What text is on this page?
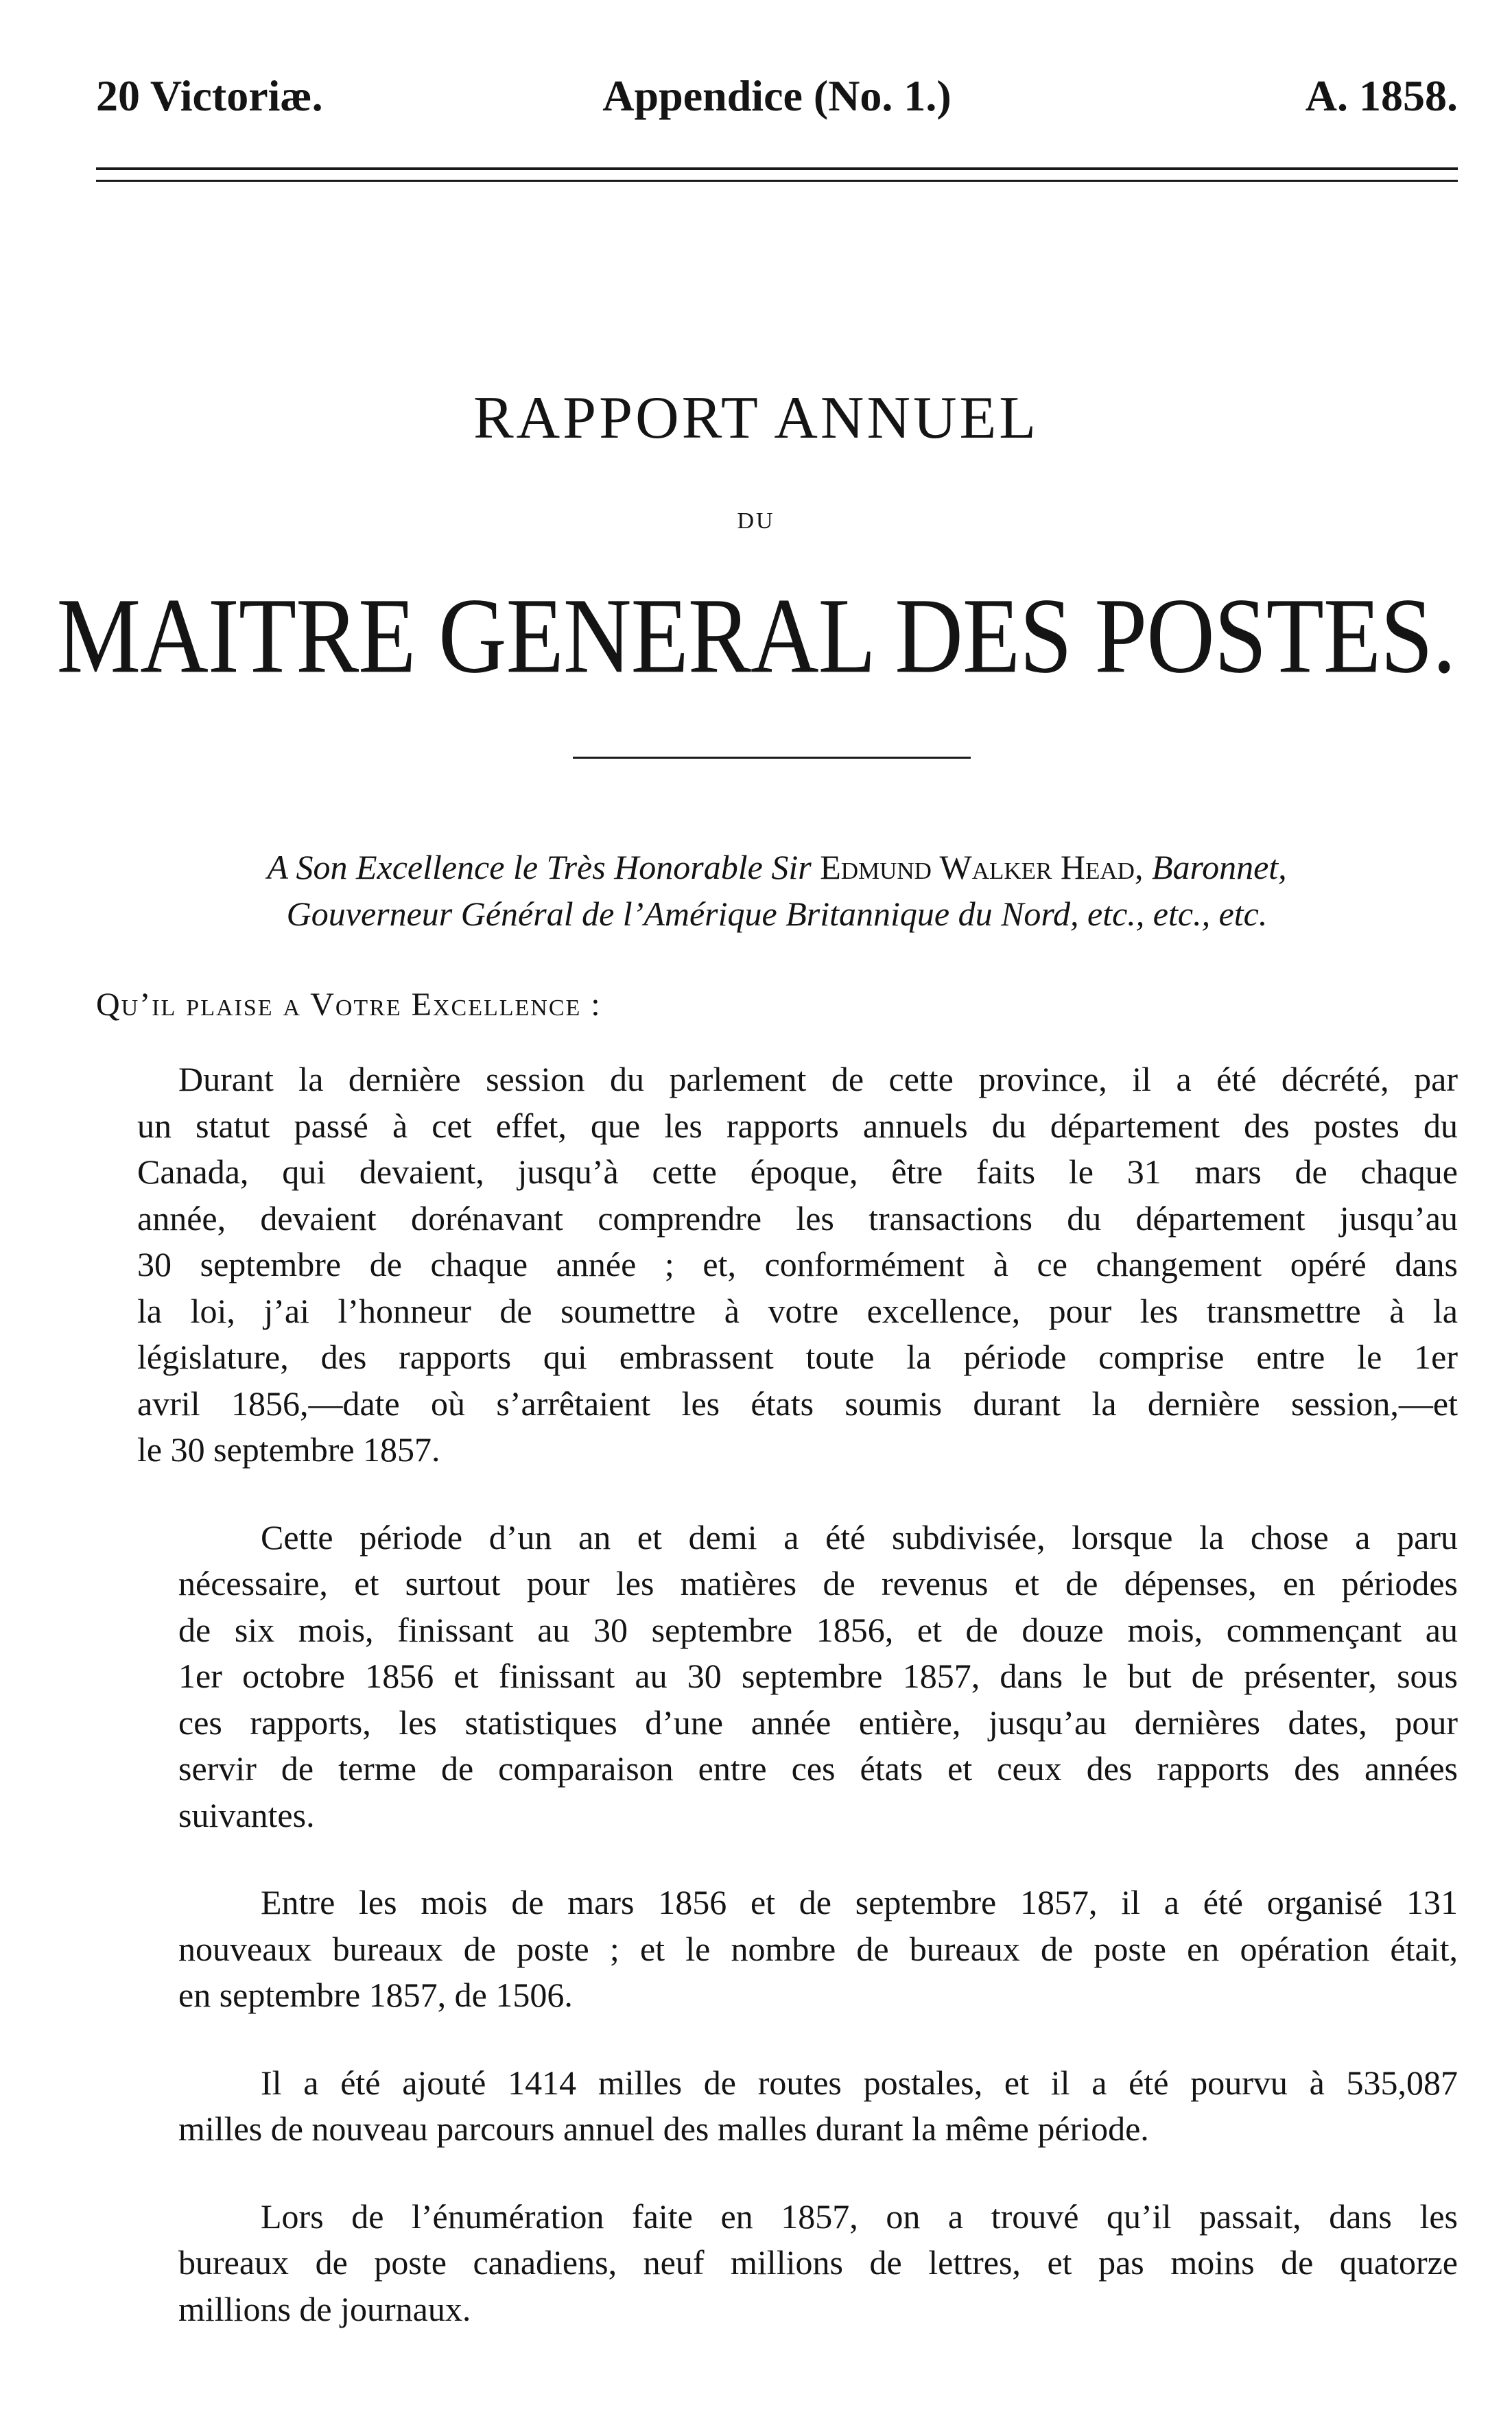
20 Victoriæ.	Appendice (No. 1.)	A. 1858.
RAPPORT ANNUEL
DU
MAITRE GENERAL DES POSTES.
A Son Excellence le Très Honorable Sir Edmund Walker Head, Baronnet,
Gouverneur Général de l’Amérique Britannique du Nord, etc., etc., etc.
Qu’il plaise a Votre Excellence :
Durant la dernière session du parlement de cette province, il a été décrété, par
un statut passé à cet effet, que les rapports annuels du département des postes du
Canada, qui devaient, jusqu’à cette époque, être faits le 31 mars de chaque
année, devaient dorénavant comprendre les transactions du département jusqu’au
30 septembre de chaque année ; et, conformément à ce changement opéré dans
la loi, j’ai l’honneur de soumettre à votre excellence, pour les transmettre à la
législature, des rapports qui embrassent toute la période comprise entre le 1er
avril 1856,—date où s’arrêtaient les états soumis durant la dernière session,—et
le 30 septembre 1857.
Cette période d’un an et demi a été subdivisée, lorsque la chose a paru
nécessaire, et surtout pour les matières de revenus et de dépenses, en périodes
de six mois, finissant au 30 septembre 1856, et de douze mois, commençant au
1er octobre 1856 et finissant au 30 septembre 1857, dans le but de présenter, sous
ces rapports, les statistiques d’une année entière, jusqu’au dernières dates, pour
servir de terme de comparaison entre ces états et ceux des rapports des années
suivantes.
Entre les mois de mars 1856 et de septembre 1857, il a été organisé 131
nouveaux bureaux de poste ; et le nombre de bureaux de poste en opération était,
en septembre 1857, de 1506.
Il a été ajouté 1414 milles de routes postales, et il a été pourvu à 535,087
milles de nouveau parcours annuel des malles durant la même période.
Lors de l’énumération faite en 1857, on a trouvé qu’il passait, dans les
bureaux de poste canadiens, neuf millions de lettres, et pas moins de quatorze
millions de journaux.
